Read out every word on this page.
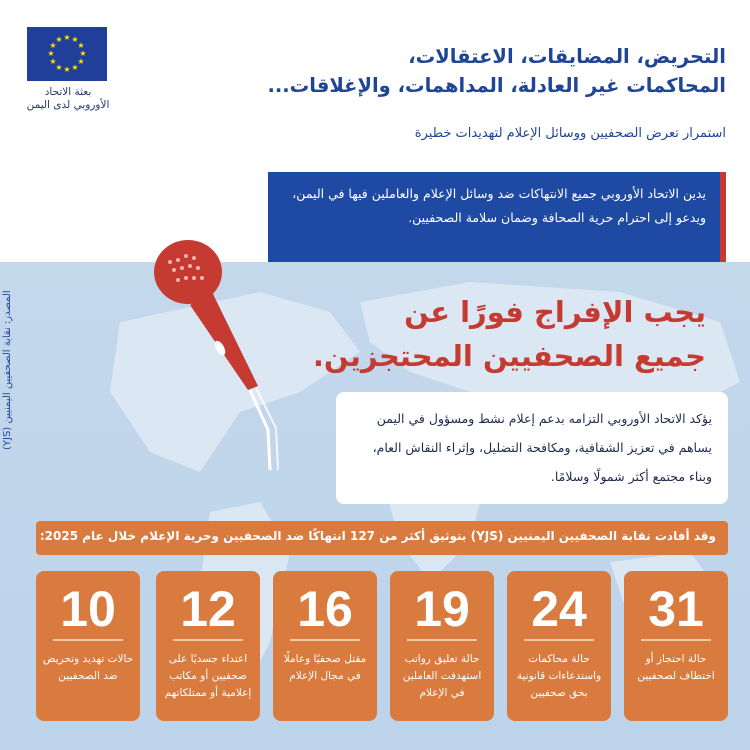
★ ★
★
★
★
★
★
★
★
★
★
★
بعثة الاتحاد
الأوروبي لدى اليمن
التحريض، المضايقات، الاعتقالات،
المحاكمات غير العادلة، المداهمات، والإغلاقات...
استمرار تعرض الصحفيين ووسائل الإعلام لتهديدات خطيرة
يدين الاتحاد الأوروبي جميع الانتهاكات ضد وسائل الإعلام والعاملين فيها في اليمن، ويدعو إلى احترام حرية الصحافة وضمان سلامة الصحفيين.
يجب الإفراج فورًا عن
جميع الصحفيين المحتجزين.
المصدر: نقابة الصحفيين اليمنيين (YJS)	يؤكد الاتحاد الأوروبي التزامه بدعم إعلام نشط ومسؤول في اليمن يساهم في تعزيز الشفافية، ومكافحة التضليل، وإثراء النقاش العام، وبناء مجتمع أكثر شمولًا وسلامًا.
وقد أفادت نقابة الصحفيين اليمنيين (YJS) بتوثيق أكثر من 127 انتهاكًا ضد الصحفيين وحرية الإعلام خلال عام 2025:
31
حالة احتجاز أو اختطاف لصحفيين
24
حالة محاكمات واستدعاءات قانونية بحق صحفيين
19
حالة تعليق رواتب استهدفت العاملين في الإعلام
16
مقتل صحفيًا وعاملًا في مجال الإعلام
12
اعتداء جسديًا على صحفيين أو مكاتب إعلامية أو ممتلكاتهم
10
حالات تهديد وتحريض ضد الصحفيين
